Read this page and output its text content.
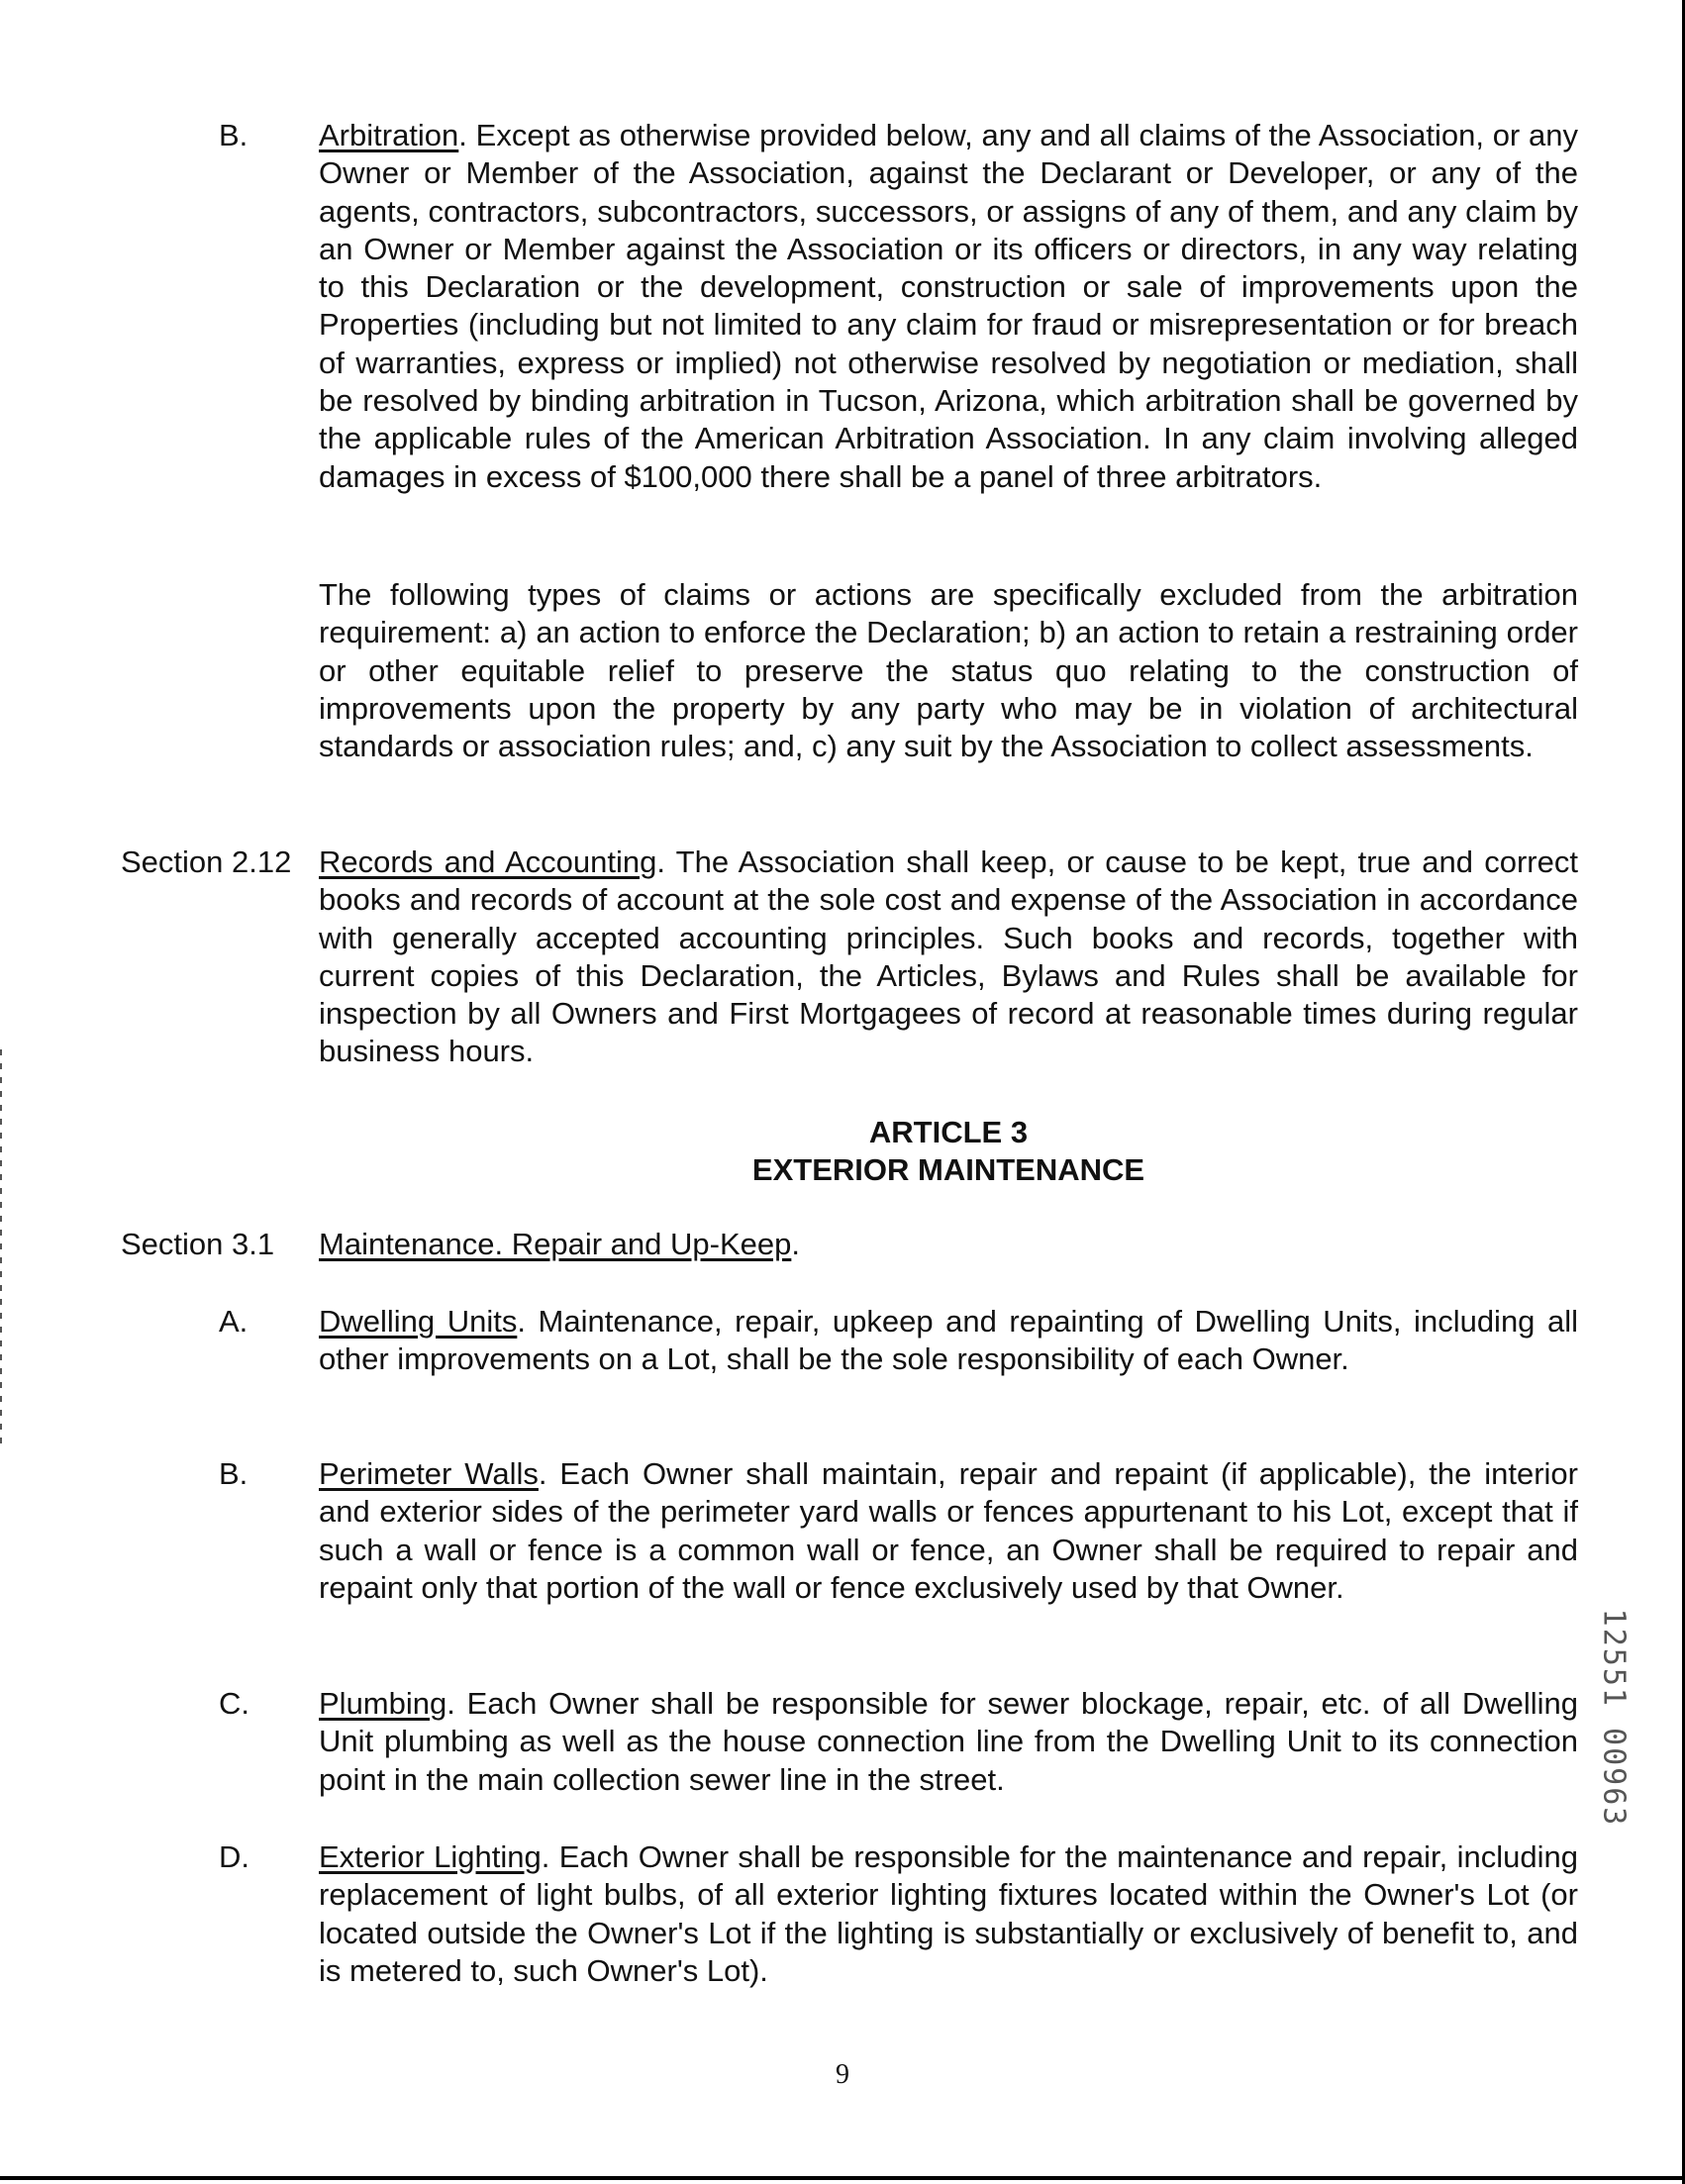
B. Arbitration. Except as otherwise provided below, any and all claims of the Association, or any Owner or Member of the Association, against the Declarant or Developer, or any of the agents, contractors, subcontractors, successors, or assigns of any of them, and any claim by an Owner or Member against the Association or its officers or directors, in any way relating to this Declaration or the development, construction or sale of improvements upon the Properties (including but not limited to any claim for fraud or misrepresentation or for breach of warranties, express or implied) not otherwise resolved by negotiation or mediation, shall be resolved by binding arbitration in Tucson, Arizona, which arbitration shall be governed by the applicable rules of the American Arbitration Association. In any claim involving alleged damages in excess of $100,000 there shall be a panel of three arbitrators.
The following types of claims or actions are specifically excluded from the arbitration requirement: a) an action to enforce the Declaration; b) an action to retain a restraining order or other equitable relief to preserve the status quo relating to the construction of improvements upon the property by any party who may be in violation of architectural standards or association rules; and, c) any suit by the Association to collect assessments.
Section 2.12 Records and Accounting. The Association shall keep, or cause to be kept, true and correct books and records of account at the sole cost and expense of the Association in accordance with generally accepted accounting principles. Such books and records, together with current copies of this Declaration, the Articles, Bylaws and Rules shall be available for inspection by all Owners and First Mortgagees of record at reasonable times during regular business hours.
ARTICLE 3
EXTERIOR MAINTENANCE
Section 3.1 Maintenance. Repair and Up-Keep.
A. Dwelling Units. Maintenance, repair, upkeep and repainting of Dwelling Units, including all other improvements on a Lot, shall be the sole responsibility of each Owner.
B. Perimeter Walls. Each Owner shall maintain, repair and repaint (if applicable), the interior and exterior sides of the perimeter yard walls or fences appurtenant to his Lot, except that if such a wall or fence is a common wall or fence, an Owner shall be required to repair and repaint only that portion of the wall or fence exclusively used by that Owner.
C. Plumbing. Each Owner shall be responsible for sewer blockage, repair, etc. of all Dwelling Unit plumbing as well as the house connection line from the Dwelling Unit to its connection point in the main collection sewer line in the street.
D. Exterior Lighting. Each Owner shall be responsible for the maintenance and repair, including replacement of light bulbs, of all exterior lighting fixtures located within the Owner's Lot (or located outside the Owner's Lot if the lighting is substantially or exclusively of benefit to, and is metered to, such Owner's Lot).
9
12551 00963
